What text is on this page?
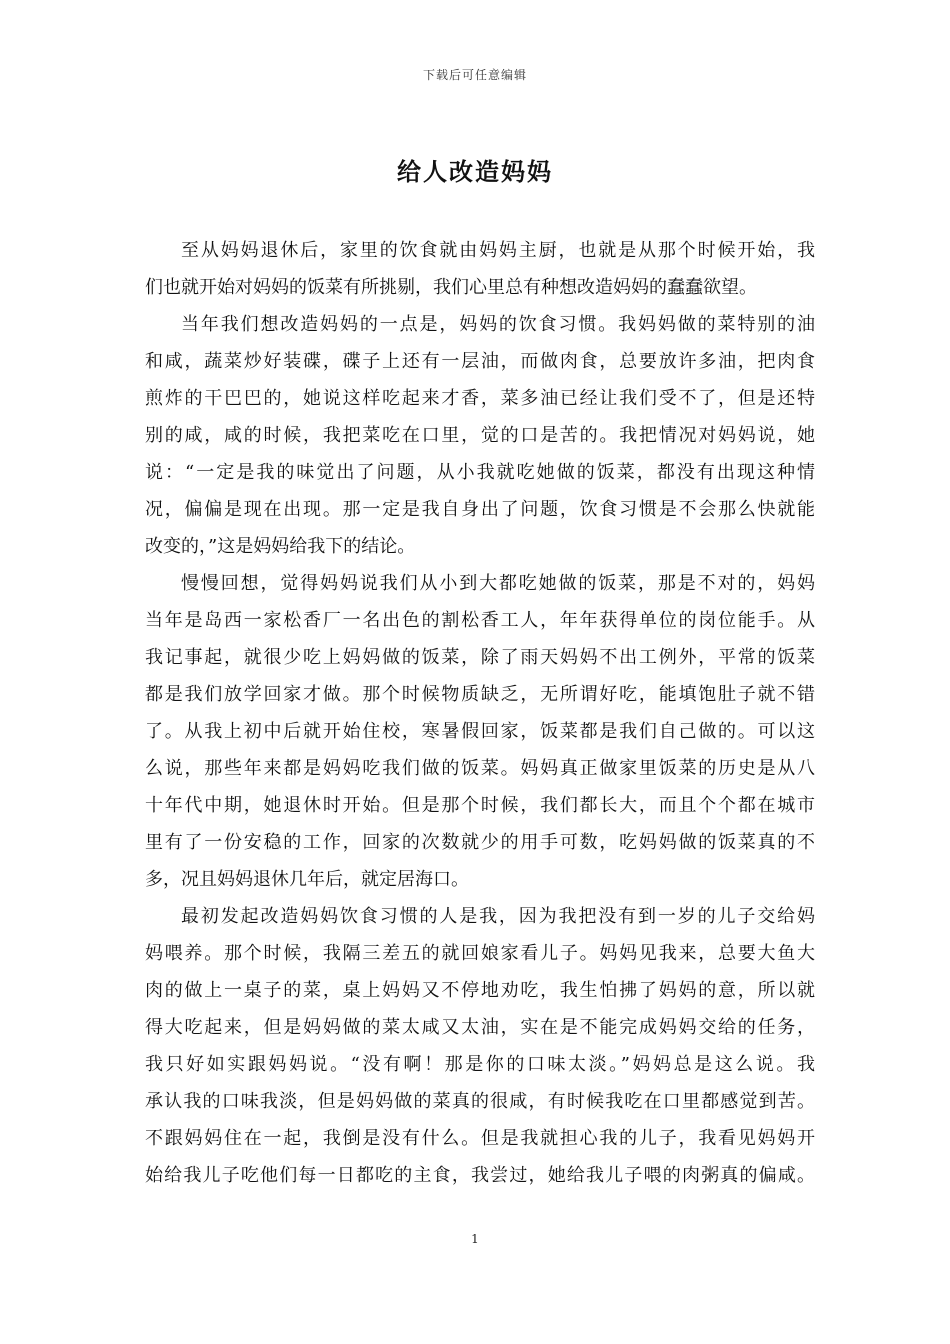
下载后可任意编辑
给人改造妈妈
至从妈妈退休后，家里的饮食就由妈妈主厨，也就是从那个时候开始，我
们也就开始对妈妈的饭菜有所挑剔，我们心里总有种想改造妈妈的蠢蠢欲望。
当年我们想改造妈妈的一点是，妈妈的饮食习惯。我妈妈做的菜特别的油
和咸，蔬菜炒好装碟，碟子上还有一层油，而做肉食，总要放许多油，把肉食
煎炸的干巴巴的，她说这样吃起来才香，菜多油已经让我们受不了，但是还特
别的咸，咸的时候，我把菜吃在口里，觉的口是苦的。我把情况对妈妈说，她
说：“一定是我的味觉出了问题，从小我就吃她做的饭菜，都没有出现这种情
况，偏偏是现在出现。那一定是我自身出了问题，饮食习惯是不会那么快就能
改变的，”这是妈妈给我下的结论。
慢慢回想，觉得妈妈说我们从小到大都吃她做的饭菜，那是不对的，妈妈
当年是岛西一家松香厂一名出色的割松香工人，年年获得单位的岗位能手。从
我记事起，就很少吃上妈妈做的饭菜，除了雨天妈妈不出工例外，平常的饭菜
都是我们放学回家才做。那个时候物质缺乏，无所谓好吃，能填饱肚子就不错
了。从我上初中后就开始住校，寒暑假回家，饭菜都是我们自己做的。可以这
么说，那些年来都是妈妈吃我们做的饭菜。妈妈真正做家里饭菜的历史是从八
十年代中期，她退休时开始。但是那个时候，我们都长大，而且个个都在城市
里有了一份安稳的工作，回家的次数就少的用手可数，吃妈妈做的饭菜真的不
多，况且妈妈退休几年后，就定居海口。
最初发起改造妈妈饮食习惯的人是我，因为我把没有到一岁的儿子交给妈
妈喂养。那个时候，我隔三差五的就回娘家看儿子。妈妈见我来，总要大鱼大
肉的做上一桌子的菜，桌上妈妈又不停地劝吃，我生怕拂了妈妈的意，所以就
得大吃起来，但是妈妈做的菜太咸又太油，实在是不能完成妈妈交给的任务，
我只好如实跟妈妈说。“没有啊！那是你的口味太淡。”妈妈总是这么说。我
承认我的口味我淡，但是妈妈做的菜真的很咸，有时候我吃在口里都感觉到苦。
不跟妈妈住在一起，我倒是没有什么。但是我就担心我的儿子，我看见妈妈开
始给我儿子吃他们每一日都吃的主食，我尝过，她给我儿子喂的肉粥真的偏咸。
1
